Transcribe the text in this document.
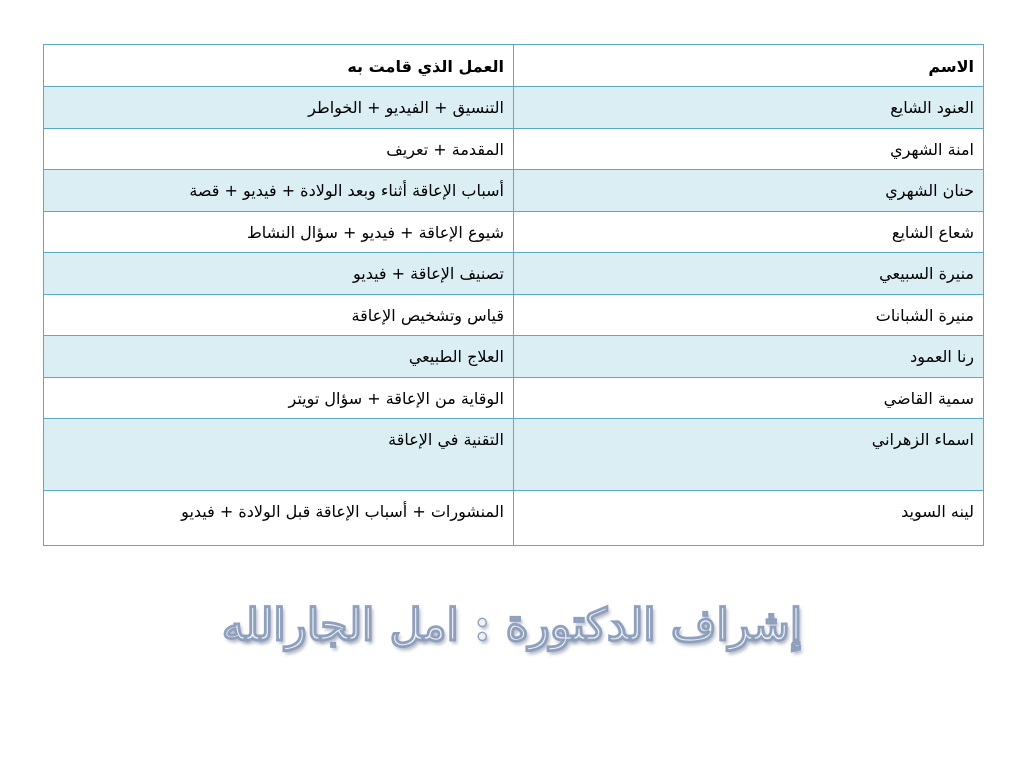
الاسم	العمل الذي قامت به
العنود الشايع	التنسيق + الفيديو + الخواطر
امنة الشهري	المقدمة + تعريف
حنان الشهري	أسباب الإعاقة أثناء وبعد الولادة + فيديو + قصة
شعاع الشايع	شيوع الإعاقة + فيديو + سؤال النشاط
منيرة السبيعي	تصنيف الإعاقة + فيديو
منيرة الشبانات	قياس وتشخيص الإعاقة
رنا العمود	العلاج الطبيعي
سمية القاضي	الوقاية من الإعاقة + سؤال تويتر
اسماء الزهراني	التقنية في الإعاقة
لينه السويد	المنشورات + أسباب الإعاقة قبل الولادة + فيديو
إشراف الدكتورة : امل الجارالله
